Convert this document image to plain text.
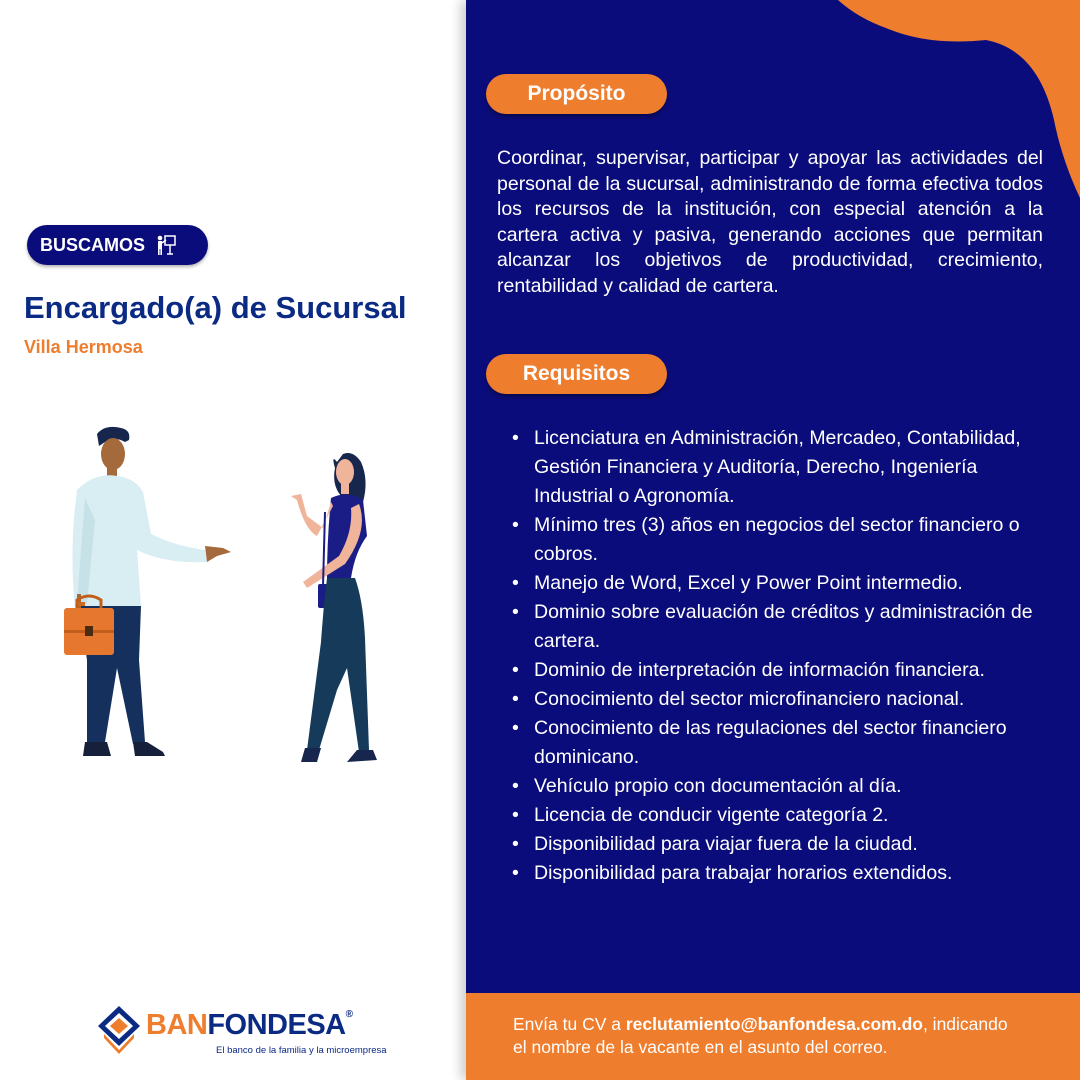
BUSCAMOS
Encargado(a) de Sucursal
Villa Hermosa
BANFONDESA®
El banco de la familia y la microempresa
Propósito
Coordinar, supervisar, participar y apoyar las actividades del personal de la sucursal, administrando de forma efectiva todos los recursos de la institución, con especial atención a la cartera activa y pasiva, generando acciones que permitan alcanzar los objetivos de productividad, crecimiento, rentabilidad y calidad de cartera.
Requisitos
• Licenciatura en Administración, Mercadeo, Contabilidad, Gestión Financiera y Auditoría, Derecho, Ingeniería Industrial o Agronomía.
• Mínimo tres (3) años en negocios del sector financiero o cobros.
• Manejo de Word, Excel y Power Point intermedio.
• Dominio sobre evaluación de créditos y administración de cartera.
• Dominio de interpretación de información financiera.
• Conocimiento del sector microfinanciero nacional.
• Conocimiento de las regulaciones del sector financiero dominicano.
• Vehículo propio con documentación al día.
• Licencia de conducir vigente categoría 2.
• Disponibilidad para viajar fuera de la ciudad.
• Disponibilidad para trabajar horarios extendidos.
Envía tu CV a reclutamiento@banfondesa.com.do, indicando
el nombre de la vacante en el asunto del correo.
